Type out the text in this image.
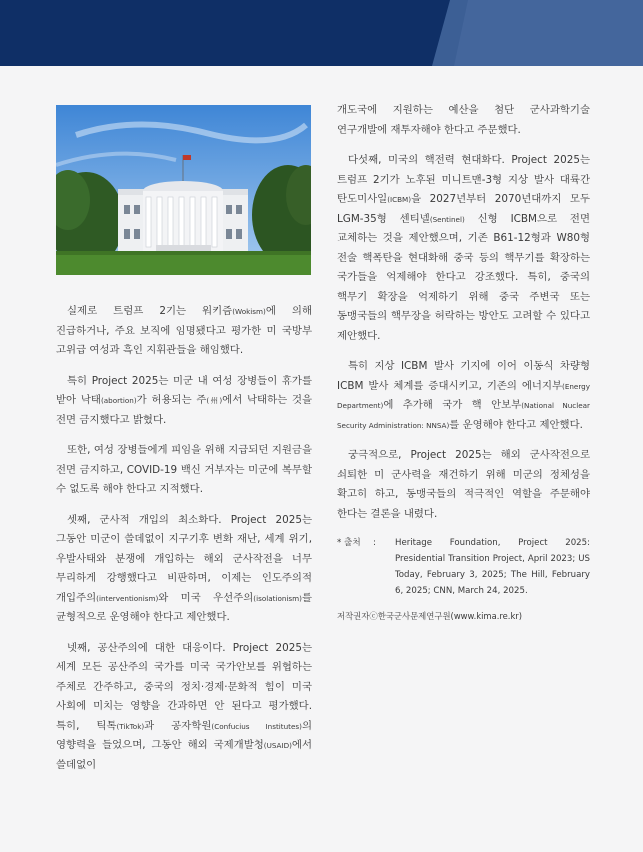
실제로 트럼프 2기는 워키즘(Wokism)에 의해 진급하거나, 주요 보직에 임명됐다고 평가한 미 국방부 고위급 여성과 흑인 지휘관들을 해임했다.

특히 Project 2025는 미군 내 여성 장병들이 휴가를 받아 낙태(abortion)가 허용되는 주(州)에서 낙태하는 것을 전면 금지했다고 밝혔다.

또한, 여성 장병들에게 피임을 위해 지급되던 지원금을 전면 금지하고, COVID-19 백신 거부자는 미군에 복무할 수 없도록 해야 한다고 지적했다.

셋째, 군사적 개입의 최소화다. Project 2025는 그동안 미군이 쓸데없이 지구기후 변화 재난, 세계 위기, 우발사태와 분쟁에 개입하는 해외 군사작전을 너무 무리하게 강행했다고 비판하며, 이제는 인도주의적 개입주의(interventionism)와 미국 우선주의(isolationism)를 균형적으로 운영해야 한다고 제안했다.

넷째, 공산주의에 대한 대응이다. Project 2025는 세계 모든 공산주의 국가를 미국 국가안보를 위협하는 주체로 간주하고, 중국의 정치·경제·문화적 힘이 미국 사회에 미치는 영향을 간과하면 안 된다고 평가했다. 특히, 틱톡(TikTok)과 공자학원(Confucius Institutes)의 영향력을 들었으며, 그동안 해외 국제개발청(USAID)에서 쓸데없이

개도국에 지원하는 예산을 첨단 군사과학기술 연구개발에 재투자해야 한다고 주문했다.

다섯째, 미국의 핵전력 현대화다. Project 2025는 트럼프 2기가 노후된 미니트맨-3형 지상 발사 대륙간 탄도미사일(ICBM)을 2027년부터 2070년대까지 모두 LGM-35형 센티넬(Sentinel) 신형 ICBM으로 전면 교체하는 것을 제안했으며, 기존 B61-12형과 W80형 전술 핵폭탄을 현대화해 중국 등의 핵무기를 확장하는 국가들을 억제해야 한다고 강조했다. 특히, 중국의 핵무기 확장을 억제하기 위해 중국 주변국 또는 동맹국들의 핵무장을 허락하는 방안도 고려할 수 있다고 제안했다.

특히 지상 ICBM 발사 기지에 이어 이동식 차량형 ICBM 발사 체계를 증대시키고, 기존의 에너지부(Energy Department)에 추가해 국가 핵 안보부(National Nuclear Security Administration: NNSA)를 운영해야 한다고 제안했다.

궁극적으로, Project 2025는 해외 군사작전으로 쇠퇴한 미 군사력을 재건하기 위해 미군의 정체성을 확고히 하고, 동맹국들의 적극적인 역할을 주문해야 한다는 결론을 내렸다.

* 출처	:	Heritage Foundation, Project 2025: Presidential Transition Project, April 2023; US Today, February 3, 2025; The Hill, February 6, 2025; CNN, March 24, 2025.
저작권자ⓒ한국군사문제연구원(www.kima.re.kr)
